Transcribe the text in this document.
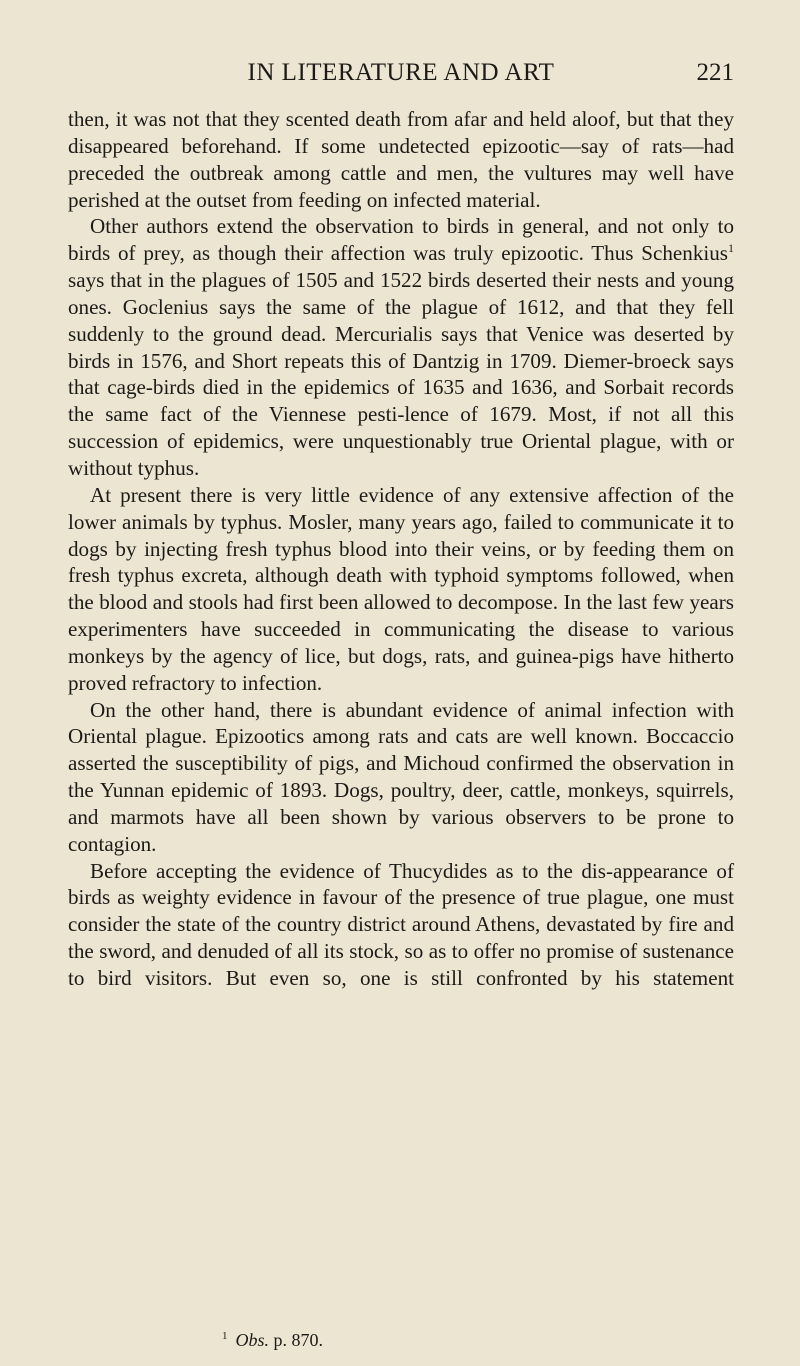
IN LITERATURE AND ART	221

then, it was not that they scented death from afar and held aloof, but that they disappeared beforehand. If some undetected epizootic—say of rats—had preceded the outbreak among cattle and men, the vultures may well have perished at the outset from feeding on infected material.

Other authors extend the observation to birds in general, and not only to birds of prey, as though their affection was truly epizootic. Thus Schenkius$^1$ says that in the plagues of 1505 and 1522 birds deserted their nests and young ones. Goclenius says the same of the plague of 1612, and that they fell suddenly to the ground dead. Mercurialis says that Venice was deserted by birds in 1576, and Short repeats this of Dantzig in 1709. Diemer-broeck says that cage-birds died in the epidemics of 1635 and 1636, and Sorbait records the same fact of the Viennese pesti-lence of 1679. Most, if not all this succession of epidemics, were unquestionably true Oriental plague, with or without typhus.

At present there is very little evidence of any extensive affection of the lower animals by typhus. Mosler, many years ago, failed to communicate it to dogs by injecting fresh typhus blood into their veins, or by feeding them on fresh typhus excreta, although death with typhoid symptoms followed, when the blood and stools had first been allowed to decompose. In the last few years experimenters have succeeded in communicating the disease to various monkeys by the agency of lice, but dogs, rats, and guinea-pigs have hitherto proved refractory to infection.

On the other hand, there is abundant evidence of animal infection with Oriental plague. Epizootics among rats and cats are well known. Boccaccio asserted the susceptibility of pigs, and Michoud confirmed the observation in the Yunnan epidemic of 1893. Dogs, poultry, deer, cattle, monkeys, squirrels, and marmots have all been shown by various observers to be prone to contagion.

Before accepting the evidence of Thucydides as to the dis-appearance of birds as weighty evidence in favour of the presence of true plague, one must consider the state of the country district around Athens, devastated by fire and the sword, and denuded of all its stock, so as to offer no promise of sustenance to bird visitors. But even so, one is still confronted by his statement

$^1$ Obs. p. 870.
